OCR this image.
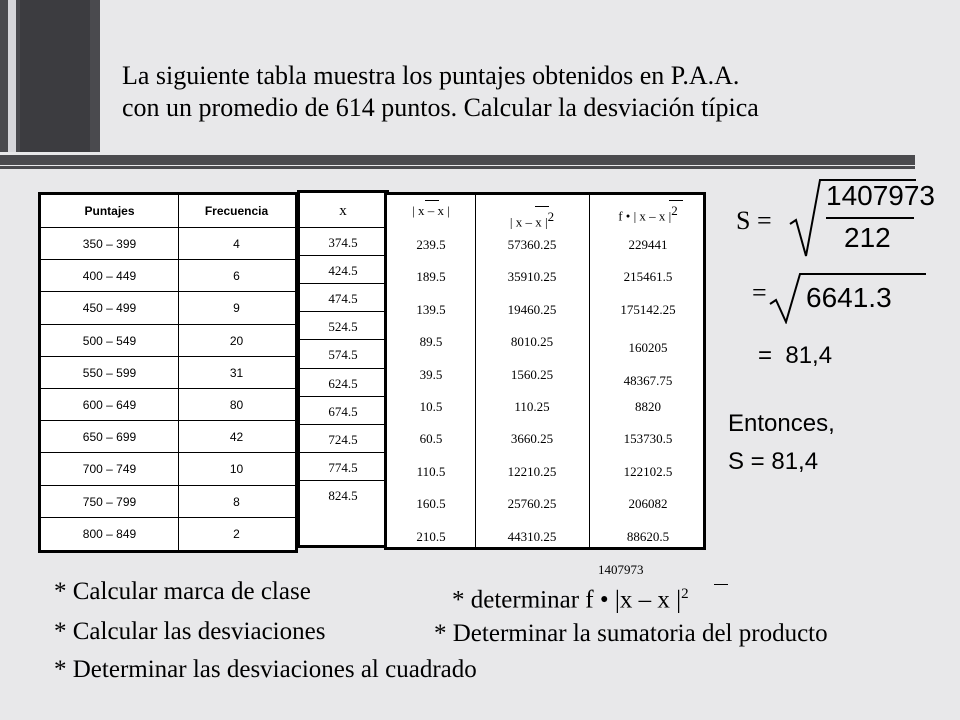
La siguiente tabla muestra los puntajes obtenidos en P.A.A.
con un promedio de 614 puntos. Calcular la desviación típica
Puntajes	Frecuencia
350 – 399	4
400 – 449	6
450 – 499	9
500 – 549	20
550 – 599	31
600 – 649	80
650 – 699	42
700 – 749	10
750 – 799	8
800 – 849	2
x
374.5
424.5
474.5
524.5
574.5
624.5
674.5
724.5
774.5
824.5
| x – x |
| x – x $|^2$	f • | x – x $|^2$
239.5	57360.25	229441
189.5	35910.25	215461.5
139.5	19460.25	175142.25
89.5	8010.25	160205
39.5	1560.25	48367.75
10.5	110.25	8820
60.5	3660.25	153730.5
110.5	12210.25	122102.5
160.5	25760.25	206082
210.5	44310.25	88620.5
1407973
S =
1407973
212
= 6641.3
=  81,4
Entonces,
S = 81,4
* Calcular marca de clase
* Calcular las desviaciones
* Determinar las desviaciones al cuadrado
* determinar f • |x – x $|^2$
* Determinar la sumatoria del producto
